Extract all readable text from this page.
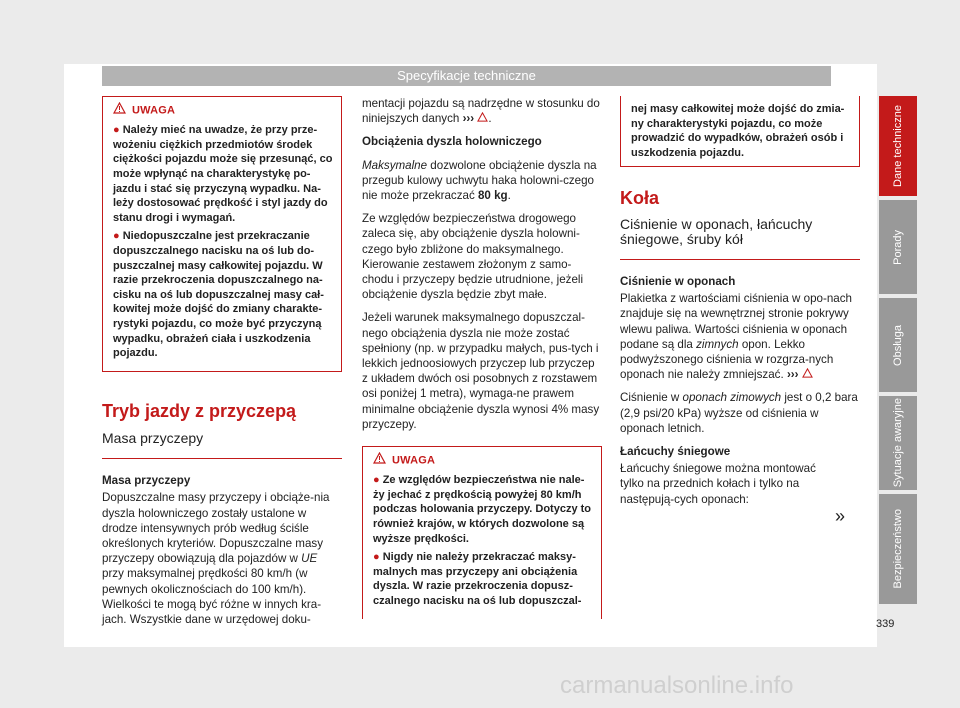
Specyfikacje techniczne
UWAGA

● Należy mieć na uwadze, że przy prze-wożeniu ciężkich przedmiotów środek ciężkości pojazdu może się przesunąć, co może wpłynąć na charakterystykę po-jazdu i stać się przyczyną wypadku. Na-leży dostosować prędkość i styl jazdy do stanu drogi i wymagań.

● Niedopuszczalne jest przekraczanie dopuszczalnego nacisku na oś lub do-puszczalnej masy całkowitej pojazdu. W razie przekroczenia dopuszczalnego na-cisku na oś lub dopuszczalnej masy cał-kowitej może dojść do zmiany charakte-rystyki pojazdu, co może być przyczyną wypadku, obrażeń ciała i uszkodzenia pojazdu.

Tryb jazdy z przyczepą
Masa przyczepy

Masa przyczepy

Dopuszczalne masy przyczepy i obciąże-nia dyszla holowniczego zostały ustalone w drodze intensywnych prób według ściśle określonych kryteriów. Dopuszczalne masy przyczepy obowiązują dla pojazdów w UE przy maksymalnej prędkości 80 km/h (w pewnych okolicznościach do 100 km/h). Wielkości te mogą być różne w innych kra-jach. Wszystkie dane w urzędowej doku-

mentacji pojazdu są nadrzędne w stosunku do niniejszych danych ››› .

Obciążenia dyszla holowniczego

Maksymalne dozwolone obciążenie dyszla na przegub kulowy uchwytu haka holowni-czego nie może przekraczać 80 kg.

Ze względów bezpieczeństwa drogowego zaleca się, aby obciążenie dyszla holowni-czego było zbliżone do maksymalnego. Kierowanie zestawem złożonym z samo-chodu i przyczepy będzie utrudnione, jeżeli obciążenie dyszla będzie zbyt małe.

Jeżeli warunek maksymalnego dopuszczal-nego obciążenia dyszla nie może zostać spełniony (np. w przypadku małych, pus-tych i lekkich jednoosiowych przyczep lub przyczep z układem dwóch osi posobnych z rozstawem osi poniżej 1 metra), wymaga-ne prawem minimalne obciążenie dyszla wynosi 4% masy przyczepy.

UWAGA

● Ze względów bezpieczeństwa nie nale-ży jechać z prędkością powyżej 80 km/h podczas holowania przyczepy. Dotyczy to również krajów, w których dozwolone są wyższe prędkości.

● Nigdy nie należy przekraczać maksy-malnych mas przyczepy ani obciążenia dyszla. W razie przekroczenia dopusz-czalnego nacisku na oś lub dopuszczal-

nej masy całkowitej może dojść do zmia-ny charakterystyki pojazdu, co może prowadzić do wypadków, obrażeń osób i uszkodzenia pojazdu.
Koła
Ciśnienie w oponach, łańcuchy śniegowe, śruby kół

Ciśnienie w oponach

Plakietka z wartościami ciśnienia w opo-nach znajduje się na wewnętrznej stronie pokrywy wlewu paliwa. Wartości ciśnienia w oponach podane są dla zimnych opon. Lekko podwyższonego ciśnienia w rozgrza-nych oponach nie należy zmniejszać. ›››

Ciśnienie w oponach zimowych jest o 0,2 bara (2,9 psi/20 kPa) wyższe od ciśnienia w oponach letnich.

Łańcuchy śniegowe

Łańcuchy śniegowe można montować tylko na przednich kołach i tylko na następują-cych oponach:

»
Dane techniczne
Porady
Obsługa
Sytuacje awaryjne
Bezpieczeństwo
339
carmanualsonline.info
